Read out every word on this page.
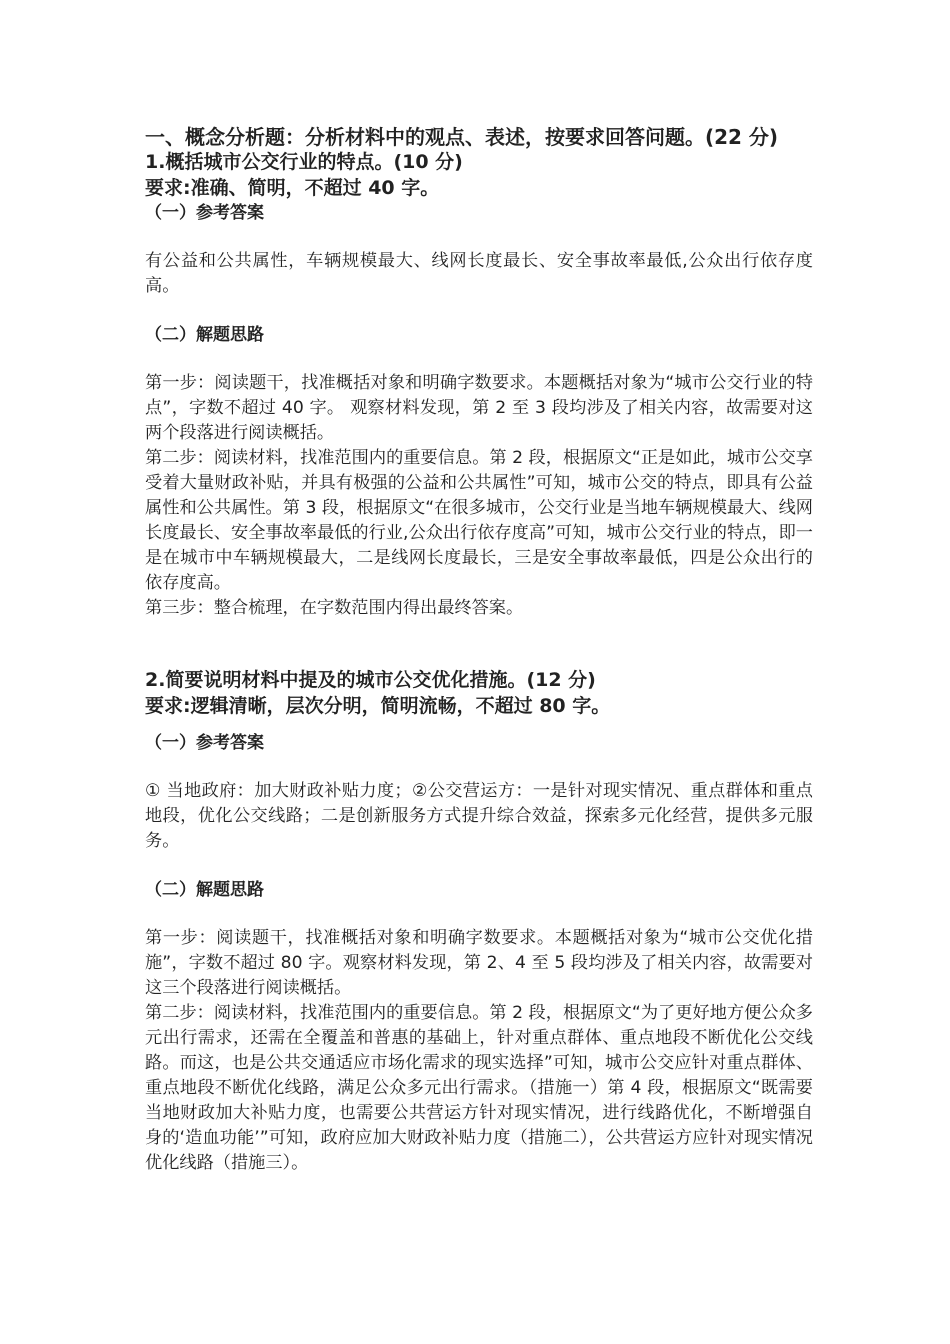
一、概念分析题：分析材料中的观点、表述，按要求回答问题。(22 分)

1.概括城市公交行业的特点。(10 分)

要求:准确、简明，不超过 40 字。

（一）参考答案

有公益和公共属性，车辆规模最大、线网长度最长、安全事故率最低,公众出行依存度高。

（二）解题思路

第一步：阅读题干，找准概括对象和明确字数要求。本题概括对象为“城市公交行业的特点”，字数不超过 40 字。 观察材料发现，第 2 至 3 段均涉及了相关内容，故需要对这两个段落进行阅读概括。

第二步：阅读材料，找准范围内的重要信息。第 2 段，根据原文“正是如此，城市公交享受着大量财政补贴，并具有极强的公益和公共属性”可知，城市公交的特点，即具有公益属性和公共属性。第 3 段，根据原文“在很多城市，公交行业是当地车辆规模最大、线网长度最长、安全事故率最低的行业,公众出行依存度高”可知，城市公交行业的特点，即一是在城市中车辆规模最大，二是线网长度最长，三是安全事故率最低，四是公众出行的依存度高。

第三步：整合梳理，在字数范围内得出最终答案。

2.简要说明材料中提及的城市公交优化措施。(12 分)

要求:逻辑清晰，层次分明，简明流畅，不超过 80 字。

（一）参考答案

① 当地政府：加大财政补贴力度；②公交营运方：一是针对现实情况、重点群体和重点地段，优化公交线路；二是创新服务方式提升综合效益，探索多元化经营，提供多元服务。

（二）解题思路

第一步：阅读题干，找准概括对象和明确字数要求。本题概括对象为“城市公交优化措施”，字数不超过 80 字。观察材料发现，第 2、4 至 5 段均涉及了相关内容，故需要对这三个段落进行阅读概括。

第二步：阅读材料，找准范围内的重要信息。第 2 段，根据原文“为了更好地方便公众多元出行需求，还需在全覆盖和普惠的基础上，针对重点群体、重点地段不断优化公交线路。而这，也是公共交通适应市场化需求的现实选择”可知，城市公交应针对重点群体、重点地段不断优化线路，满足公众多元出行需求。（措施一）第 4 段，根据原文“既需要当地财政加大补贴力度，也需要公共营运方针对现实情况，进行线路优化，不断增强自身的‘造血功能’”可知，政府应加大财政补贴力度（措施二），公共营运方应针对现实情况优化线路（措施三）。
